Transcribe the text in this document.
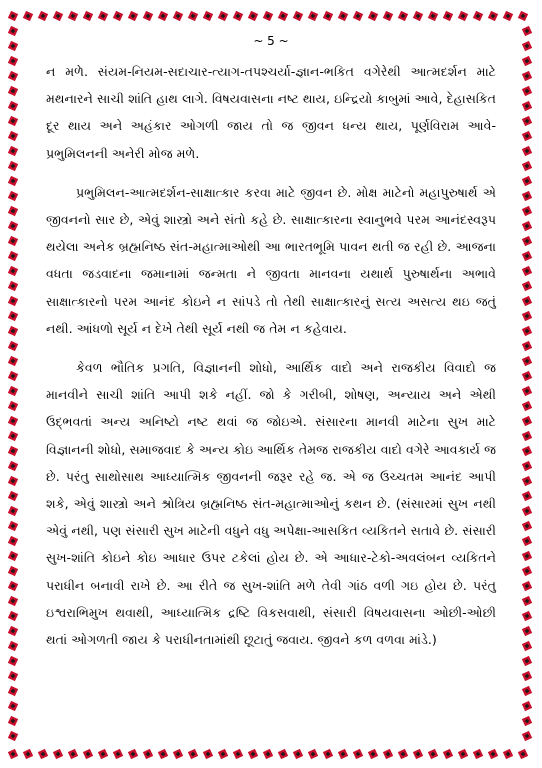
~ 5 ~

ન મળે. સંયમ-નિયમ-સદાચાર-ત્યાગ-તપશ્ચર્યા-જ્ઞાન-ભકિત વગેરેથી આત્મદર્શન માટે મથનારને સાચી શાંતિ હાથ લાગે. વિષયવાસના નષ્ટ થાય, ઇન્દ્રિયો કાબુમાં આવે, દેહાસકિત દૂર થાય અને અહંકાર ઓગળી જાય તો જ જીવન ધન્ય થાય, પૂર્ણવિરામ આવે-પ્રભુમિલનની અનેરી મોજ મળે.

પ્રભુમિલન-આત્મદર્શન-સાક્ષાત્કાર કરવા માટે જીવન છે. મોક્ષ માટેનો મહાપુરુષાર્થ એ જીવનનો સાર છે, એવું શાસ્ત્રો અને સંતો કહે છે. સાક્ષાત્કારના સ્વાનુભવે પરમ આનંદસ્વરૂપ થયેલા અનેક બ્રહ્મનિષ્ઠ સંત-મહાત્માઓથી આ ભારતભૂમિ પાવન થતી જ રહી છે. આજના વધતા જડવાદના જમાનામાં જન્મતા ને જીવતા માનવના યથાર્થ પુરુષાર્થના અભાવે સાક્ષાત્કારનો પરમ આનંદ કોઇને ન સાંપડે તો તેથી સાક્ષાત્કારનું સત્ય અસત્ય થઇ જતું નથી. આંધળો સૂર્ય ન દેખે તેથી સૂર્ય નથી જ તેમ ન કહેવાય.

કેવળ ભૌતિક પ્રગતિ, વિજ્ઞાનની શોધો, આર્થિક વાદો અને રાજકીય વિવાદો જ માનવીને સાચી શાંતિ આપી શકે નહીં. જો કે ગરીબી, શોષણ, અન્યાય અને એથી ઉદ્ભવતાં અન્ય અનિષ્ટો નષ્ટ થવાં જ જોઇએ. સંસારના માનવી માટેના સુખ માટે વિજ્ઞાનની શોધો, સમાજવાદ કે અન્ય કોઇ આર્થિક તેમજ રાજકીય વાદો વગેરે આવકાર્ય જ છે. પરંતુ સાથોસાથ આધ્યાત્મિક જીવનની જરૂર રહે જ. એ જ ઉચ્ચતમ આનંદ આપી શકે, એવું શાસ્ત્રો અને શ્રોત્રિય બ્રહ્મનિષ્ઠ સંત-મહાત્માઓનું કથન છે. (સંસારમાં સુખ નથી એવું નથી, પણ સંસારી સુખ માટેની વધુને વધુ અપેક્ષા-આસકિત વ્યકિતને સતાવે છે. સંસારી સુખ-શાંતિ કોઇને કોઇ આધાર ઉપર ટકેલાં હોય છે. એ આધાર-ટેકો-અવલંબન વ્યકિતને પરાધીન બનાવી રાખે છે. આ રીતે જ સુખ-શાંતિ મળે તેવી ગાંઠ વળી ગઇ હોય છે. પરંતુ ઇશ્વરાભિમુખ થવાથી, આધ્યાત્મિક દ્રષ્ટિ વિકસવાથી, સંસારી વિષયવાસના ઓછી-ઓછી થતાં ઓગળતી જાય કે પરાધીનતામાંથી છૂટાતું જવાય. જીવને કળ વળવા માંડે.)
